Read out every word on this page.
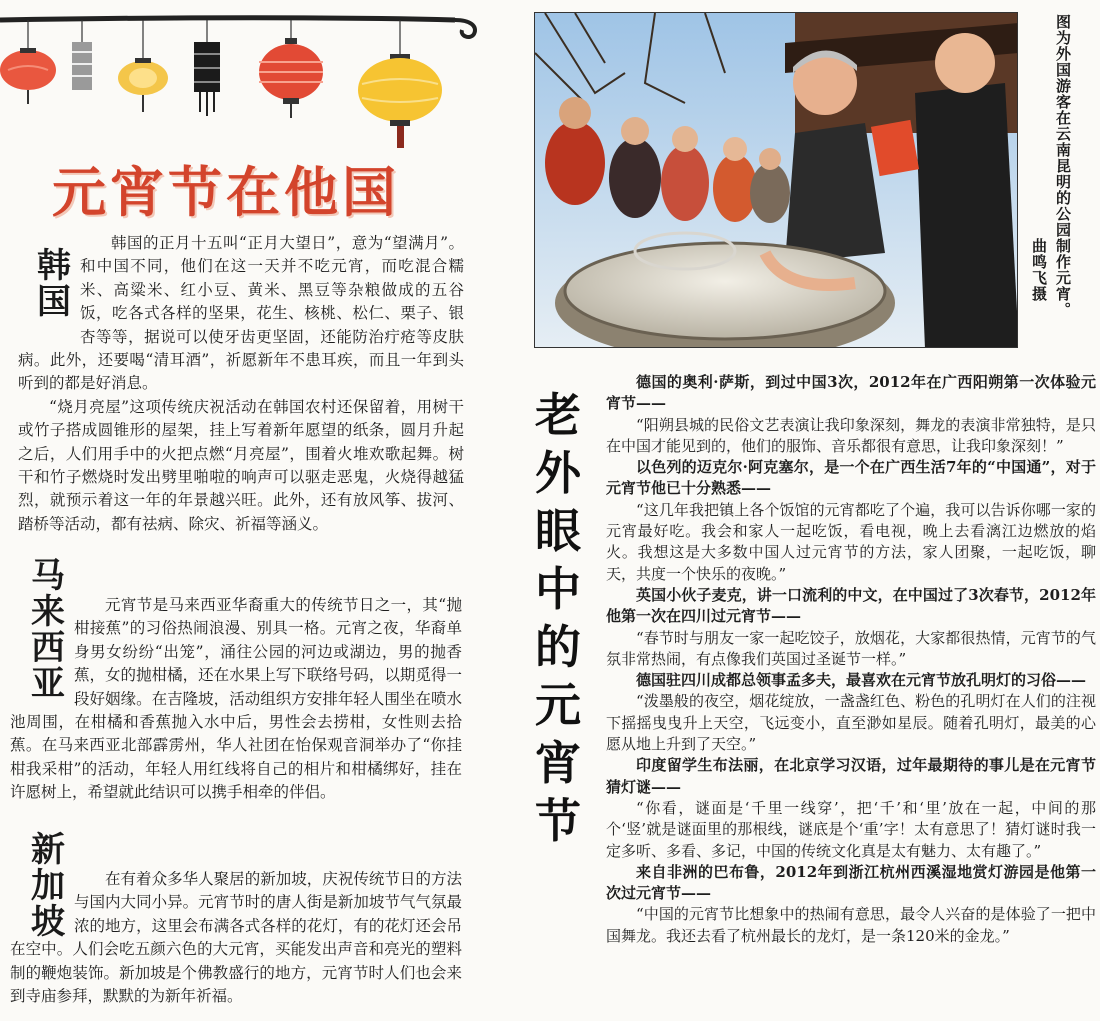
元宵节在他国
韩
国

韩国的正月十五叫“正月大望日”，意为“望满月”。和中国不同，他们在这一天并不吃元宵，而吃混合糯米、高粱米、红小豆、黄米、黑豆等杂粮做成的五谷饭，吃各式各样的坚果，花生、核桃、松仁、栗子、银杏等等，据说可以使牙齿更坚固，还能防治疔疮等皮肤病。此外，还要喝“清耳酒”，祈愿新年不患耳疾，而且一年到头听到的都是好消息。

“烧月亮屋”这项传统庆祝活动在韩国农村还保留着，用树干或竹子搭成圆锥形的屋架，挂上写着新年愿望的纸条，圆月升起之后，人们用手中的火把点燃“月亮屋”，围着火堆欢歌起舞。树干和竹子燃烧时发出劈里啪啦的响声可以驱走恶鬼，火烧得越猛烈，就预示着这一年的年景越兴旺。此外，还有放风筝、拔河、踏桥等活动，都有祛病、除灾、祈福等涵义。

马
来
西
亚

元宵节是马来西亚华裔重大的传统节日之一，其“抛柑接蕉”的习俗热闹浪漫、别具一格。元宵之夜，华裔单身男女纷纷“出笼”，涌往公园的河边或湖边，男的抛香蕉，女的抛柑橘，还在水果上写下联络号码，以期觅得一段好姻缘。在吉隆坡，活动组织方安排年轻人围坐在喷水池周围，在柑橘和香蕉抛入水中后，男性会去捞柑，女性则去拾蕉。在马来西亚北部霹雳州，华人社团在怡保观音洞举办了“你挂柑我采柑”的活动，年轻人用红线将自己的相片和柑橘绑好，挂在许愿树上，希望就此结识可以携手相牵的伴侣。

新
加
坡

在有着众多华人聚居的新加坡，庆祝传统节日的方法与国内大同小异。元宵节时的唐人街是新加坡节气气氛最浓的地方，这里会布满各式各样的花灯，有的花灯还会吊在空中。人们会吃五颜六色的大元宵，买能发出声音和亮光的塑料制的鞭炮装饰。新加坡是个佛教盛行的地方，元宵节时人们也会来到寺庙参拜，默默的为新年祈福。

图为外国游客在云南昆明的公园制作元宵。
曲鸣飞摄
老
外
眼
中
的
元
宵
节

德国的奥利·萨斯，到过中国3次，2012年在广西阳朔第一次体验元宵节——

“阳朔县城的民俗文艺表演让我印象深刻，舞龙的表演非常独特，是只在中国才能见到的，他们的服饰、音乐都很有意思，让我印象深刻！”

以色列的迈克尔·阿克塞尔，是一个在广西生活7年的“中国通”，对于元宵节他已十分熟悉——

“这几年我把镇上各个饭馆的元宵都吃了个遍，我可以告诉你哪一家的元宵最好吃。我会和家人一起吃饭，看电视，晚上去看漓江边燃放的焰火。我想这是大多数中国人过元宵节的方法，家人团聚，一起吃饭，聊天，共度一个快乐的夜晚。”

英国小伙子麦克，讲一口流利的中文，在中国过了3次春节，2012年他第一次在四川过元宵节——

“春节时与朋友一家一起吃饺子，放烟花，大家都很热情，元宵节的气氛非常热闹，有点像我们英国过圣诞节一样。”

德国驻四川成都总领事孟多夫，最喜欢在元宵节放孔明灯的习俗——

“泼墨般的夜空，烟花绽放，一盏盏红色、粉色的孔明灯在人们的注视下摇摇曳曳升上天空，飞远变小，直至渺如星辰。随着孔明灯，最美的心愿从地上升到了天空。”

印度留学生布法丽，在北京学习汉语，过年最期待的事儿是在元宵节猜灯谜——

“你看，谜面是‘千里一线穿’，把‘千’和‘里’放在一起，中间的那个‘竖’就是谜面里的那根线，谜底是个‘重’字！太有意思了！猜灯谜时我一定多听、多看、多记，中国的传统文化真是太有魅力、太有趣了。”

来自非洲的巴布鲁，2012年到浙江杭州西溪湿地赏灯游园是他第一次过元宵节——

“中国的元宵节比想象中的热闹有意思，最令人兴奋的是体验了一把中国舞龙。我还去看了杭州最长的龙灯，是一条120米的金龙。”
